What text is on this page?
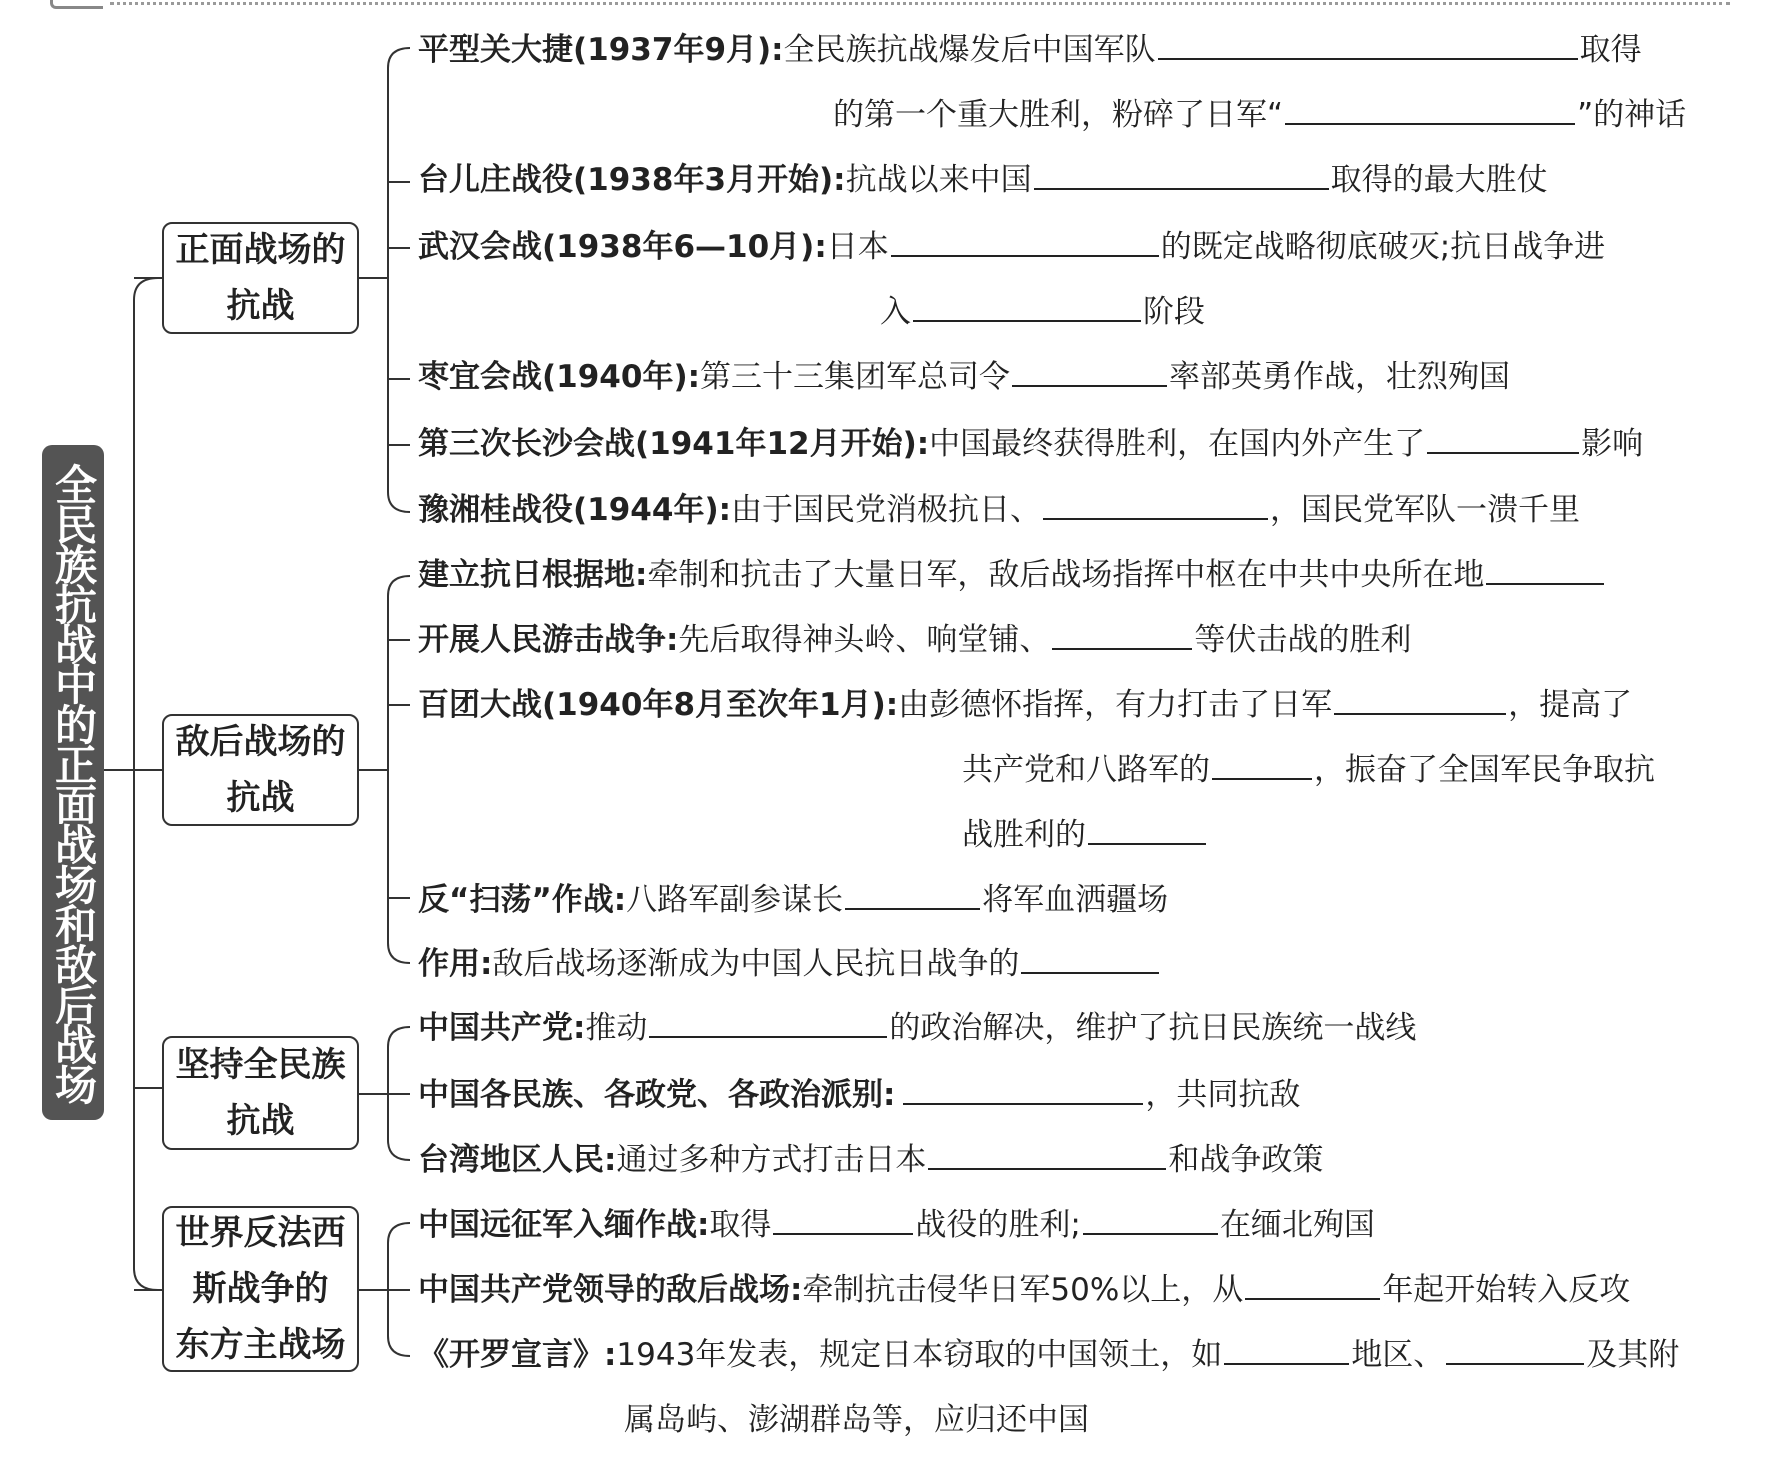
全民族抗战中的正面战场和敌后战场
正面战场的
抗战
敌后战场的
抗战
坚持全民族
抗战
世界反法西
斯战争的
东方主战场
平型关大捷(1937年9月):全民族抗战爆发后中国军队	取得
的第一个重大胜利，粉碎了日军“	”的神话
台儿庄战役(1938年3月开始):抗战以来中国	取得的最大胜仗
武汉会战(1938年6—10月):日本	的既定战略彻底破灭;抗日战争进
入	阶段
枣宜会战(1940年):第三十三集团军总司令	率部英勇作战，壮烈殉国
第三次长沙会战(1941年12月开始):中国最终获得胜利，在国内外产生了	影响
豫湘桂战役(1944年):由于国民党消极抗日、	，国民党军队一溃千里
建立抗日根据地:牵制和抗击了大量日军，敌后战场指挥中枢在中共中央所在地
开展人民游击战争:先后取得神头岭、响堂铺、	等伏击战的胜利
百团大战(1940年8月至次年1月):由彭德怀指挥，有力打击了日军	，提高了
共产党和八路军的	，振奋了全国军民争取抗
战胜利的
反“扫荡”作战:八路军副参谋长	将军血洒疆场
作用:敌后战场逐渐成为中国人民抗日战争的
中国共产党:推动	的政治解决，维护了抗日民族统一战线
中国各民族、各政党、各政治派别:	，共同抗敌
台湾地区人民:通过多种方式打击日本	和战争政策
中国远征军入缅作战:取得	战役的胜利;	在缅北殉国
中国共产党领导的敌后战场:牵制抗击侵华日军50%以上，从	年起开始转入反攻
《开罗宣言》:1943年发表，规定日本窃取的中国领土，如	地区、	及其附
属岛屿、澎湖群岛等，应归还中国
